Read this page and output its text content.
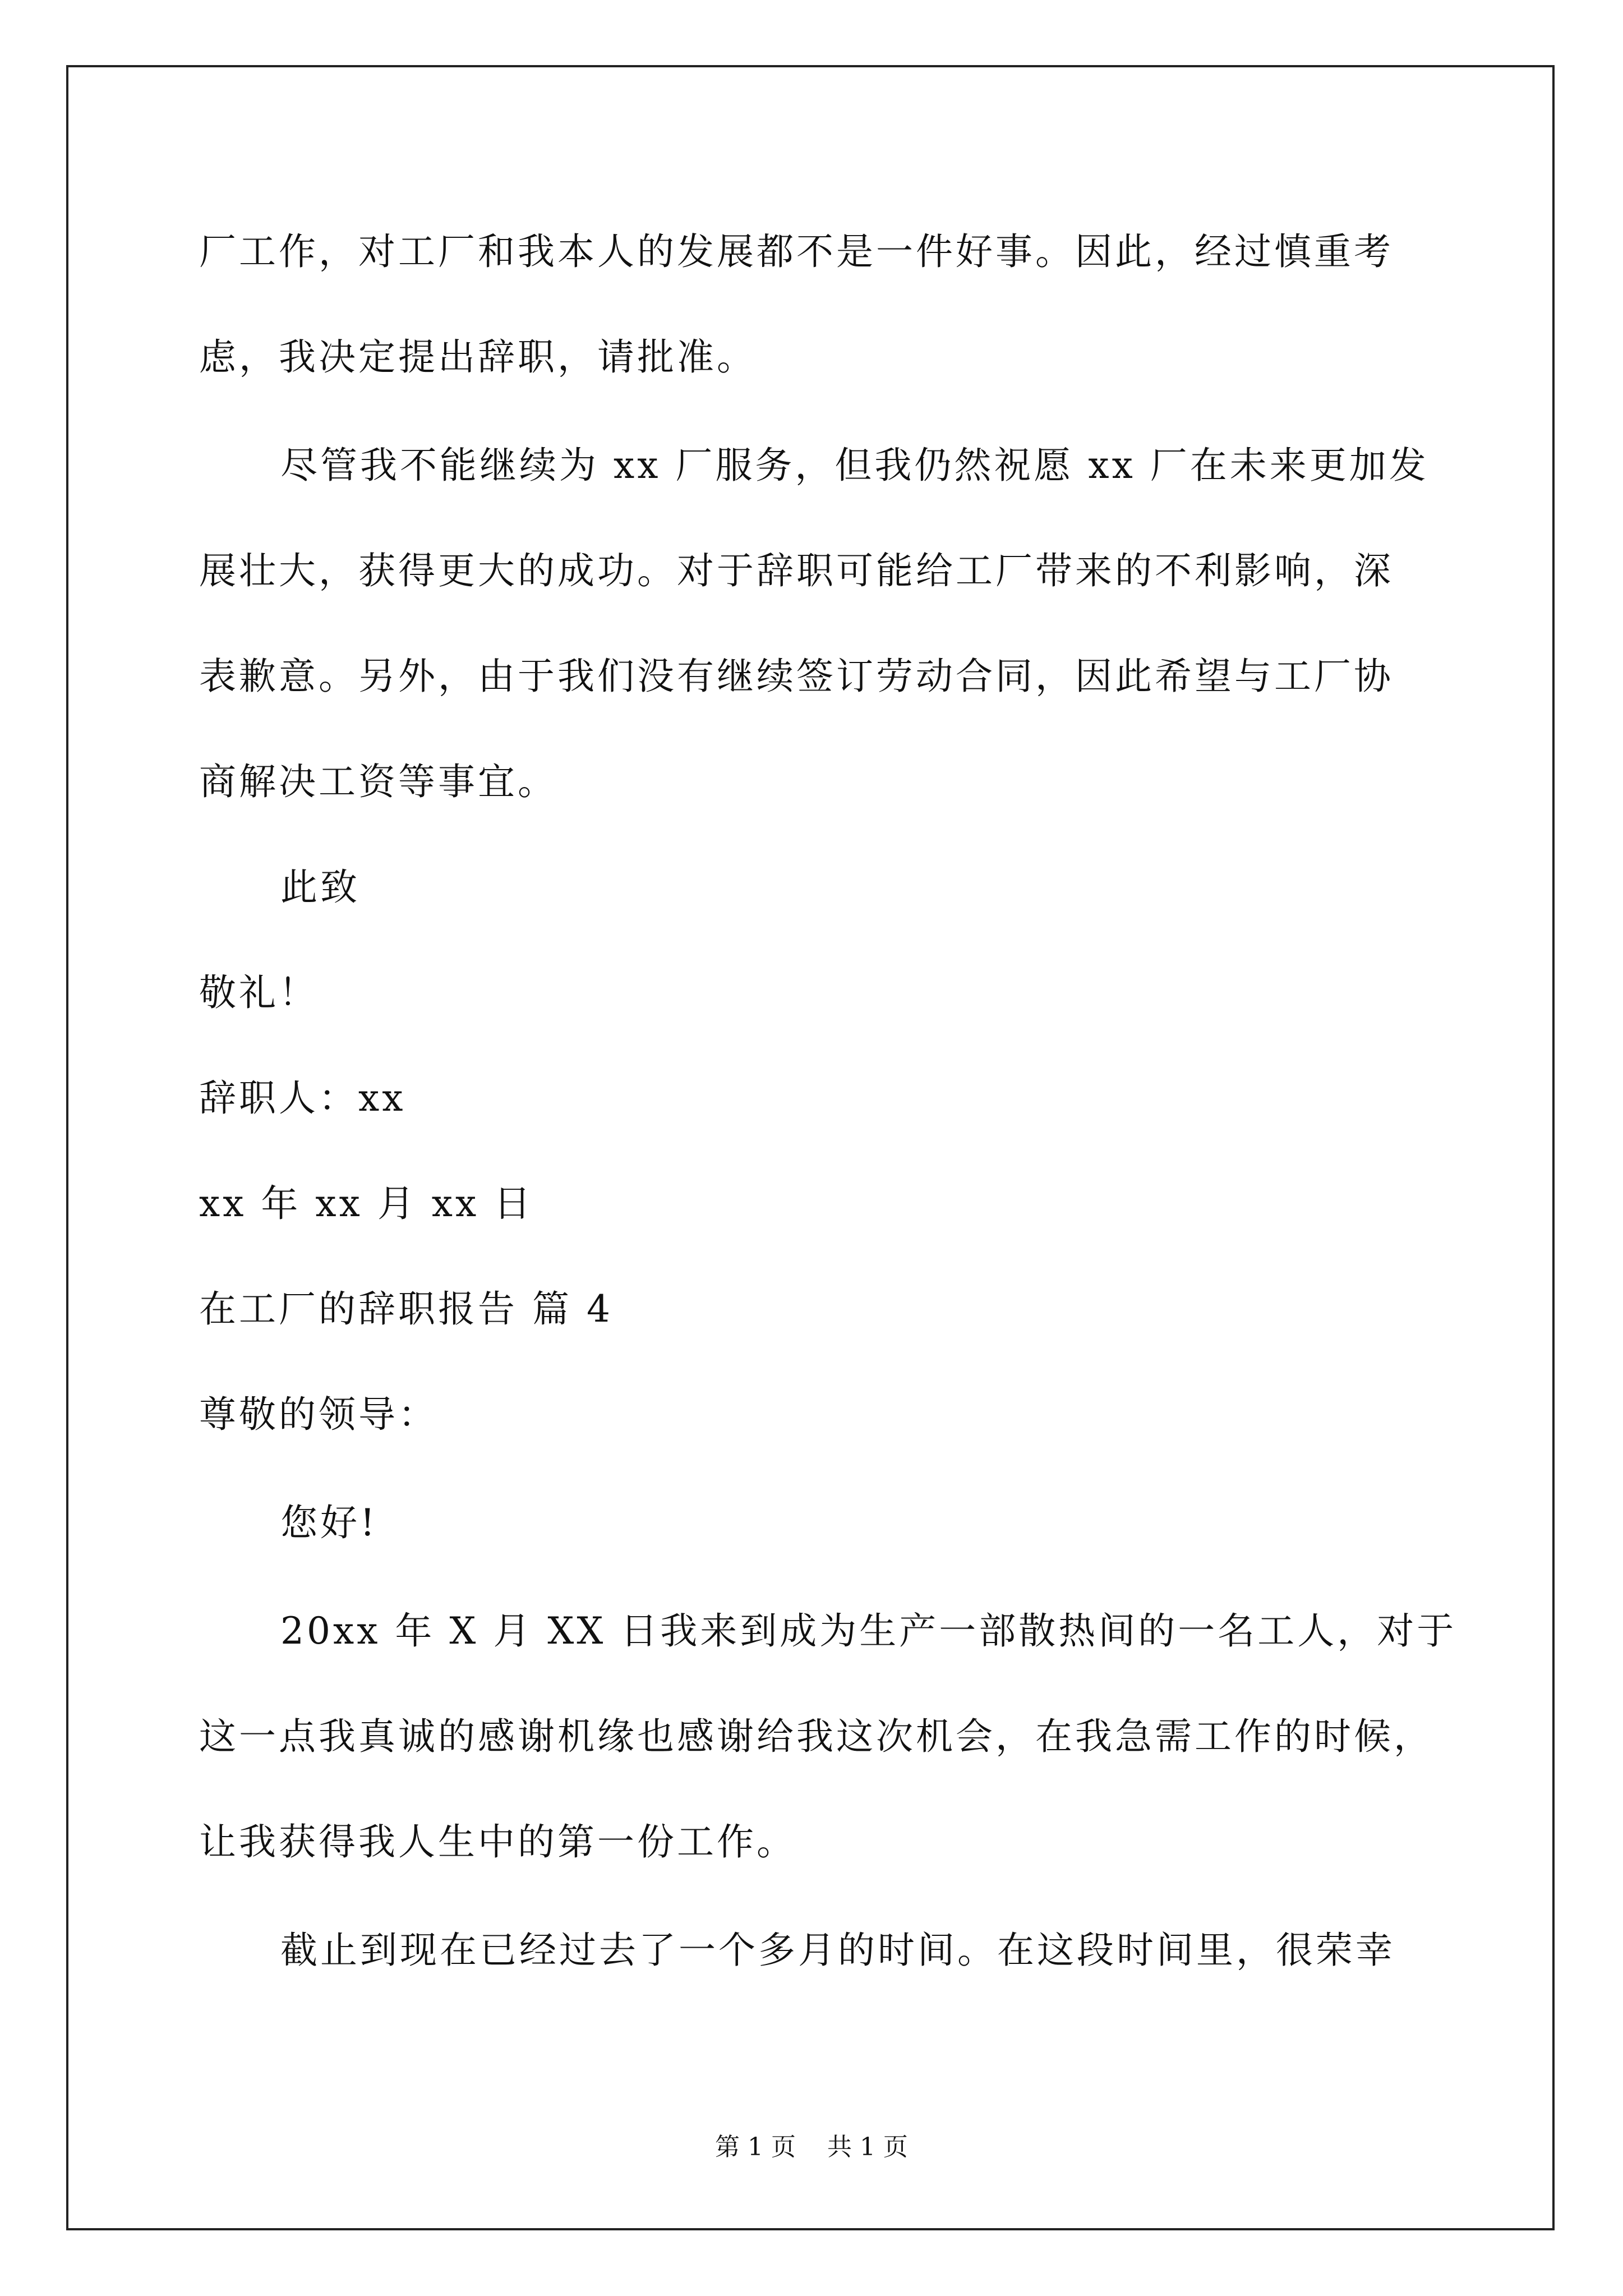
厂工作，对工厂和我本人的发展都不是一件好事。因此，经过慎重考
虑，我决定提出辞职，请批准。
尽管我不能继续为 xx 厂服务，但我仍然祝愿 xx 厂在未来更加发
展壮大，获得更大的成功。对于辞职可能给工厂带来的不利影响，深
表歉意。另外，由于我们没有继续签订劳动合同，因此希望与工厂协
商解决工资等事宜。
此致
敬礼！
辞职人：xx
xx 年 xx 月 xx 日
在工厂的辞职报告 篇 4
尊敬的领导：
您好!
20xx 年 X 月 XX 日我来到成为生产一部散热间的一名工人，对于
这一点我真诚的感谢机缘也感谢给我这次机会，在我急需工作的时候，
让我获得我人生中的第一份工作。
截止到现在已经过去了一个多月的时间。在这段时间里，很荣幸
第 1 页    共 1 页
